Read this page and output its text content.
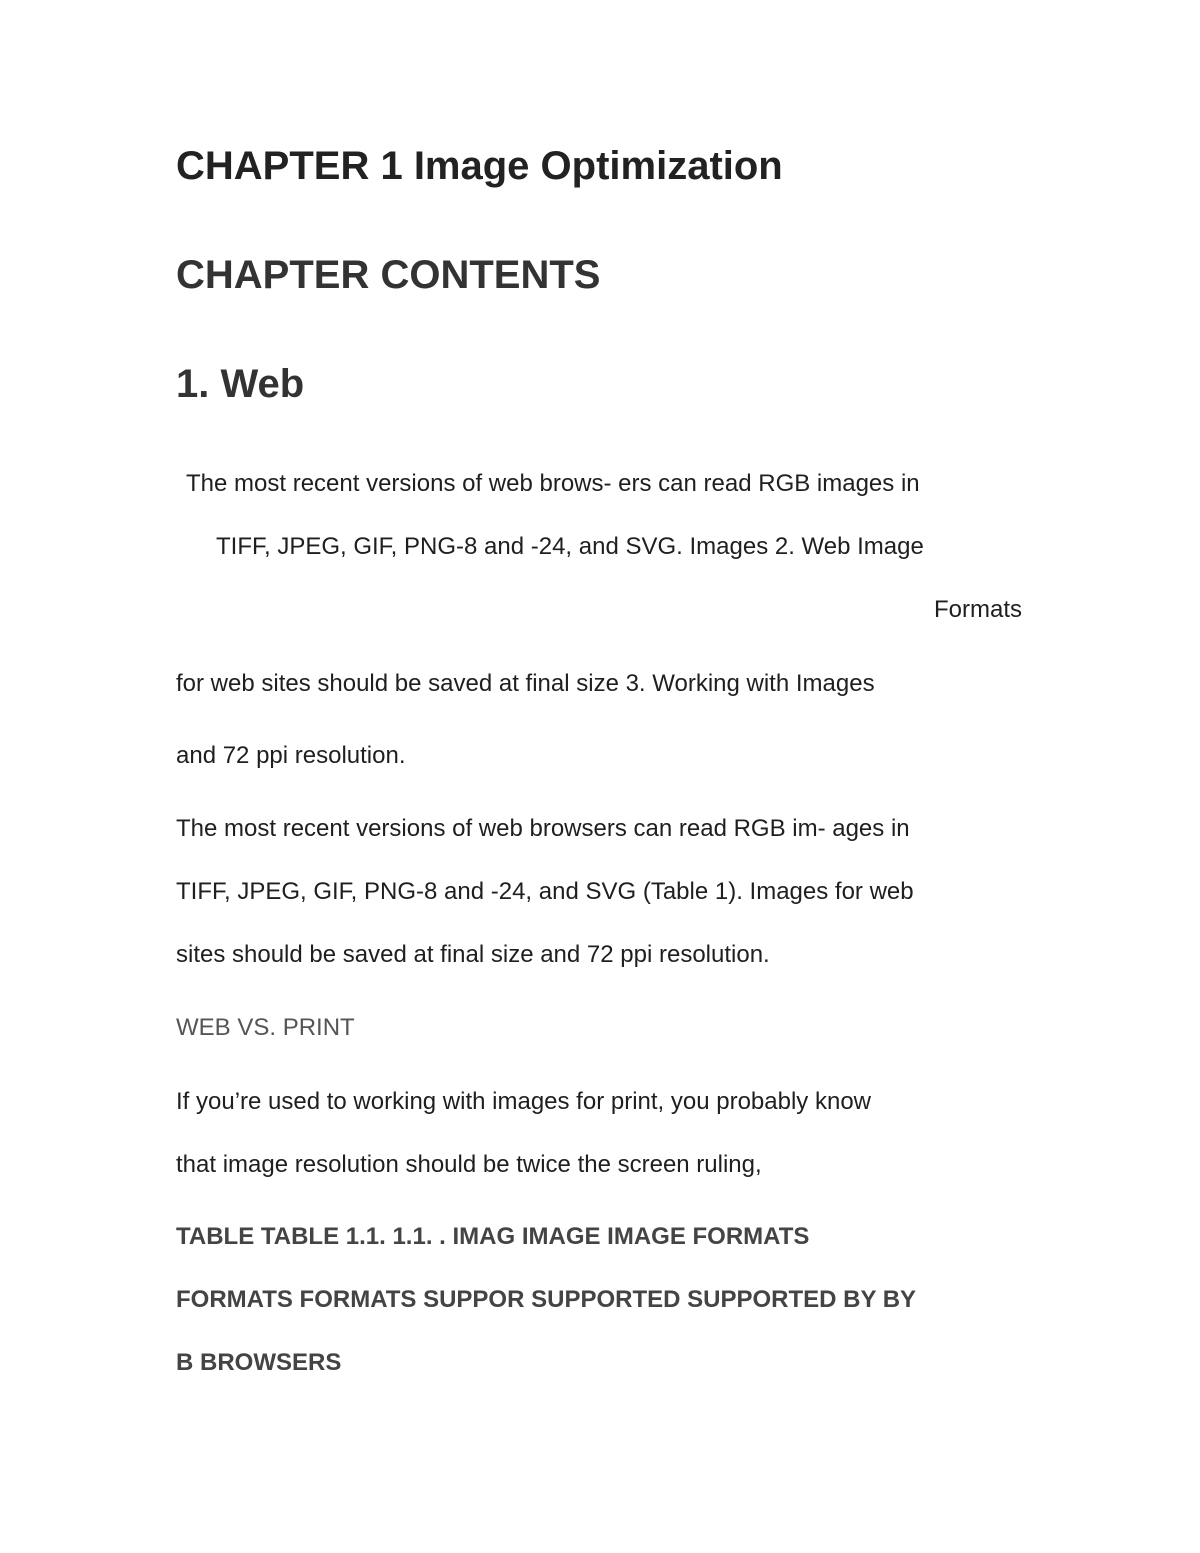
CHAPTER 1 Image Optimization
CHAPTER CONTENTS
1. Web

The most recent versions of web brows- ers can read RGB images in

TIFF, JPEG, GIF, PNG-8 and -24, and SVG. Images 2. Web Image

Formats

for web sites should be saved at final size 3. Working with Images

and 72 ppi resolution.

The most recent versions of web browsers can read RGB im- ages in

TIFF, JPEG, GIF, PNG-8 and -24, and SVG (Table 1). Images for web

sites should be saved at final size and 72 ppi resolution.

WEB VS. PRINT

If you’re used to working with images for print, you probably know

that image resolution should be twice the screen ruling,

TABLE TABLE 1.1. 1.1. . IMAG IMAGE IMAGE FORMATS

FORMATS FORMATS SUPPOR SUPPORTED SUPPORTED BY BY

B BROWSERS
